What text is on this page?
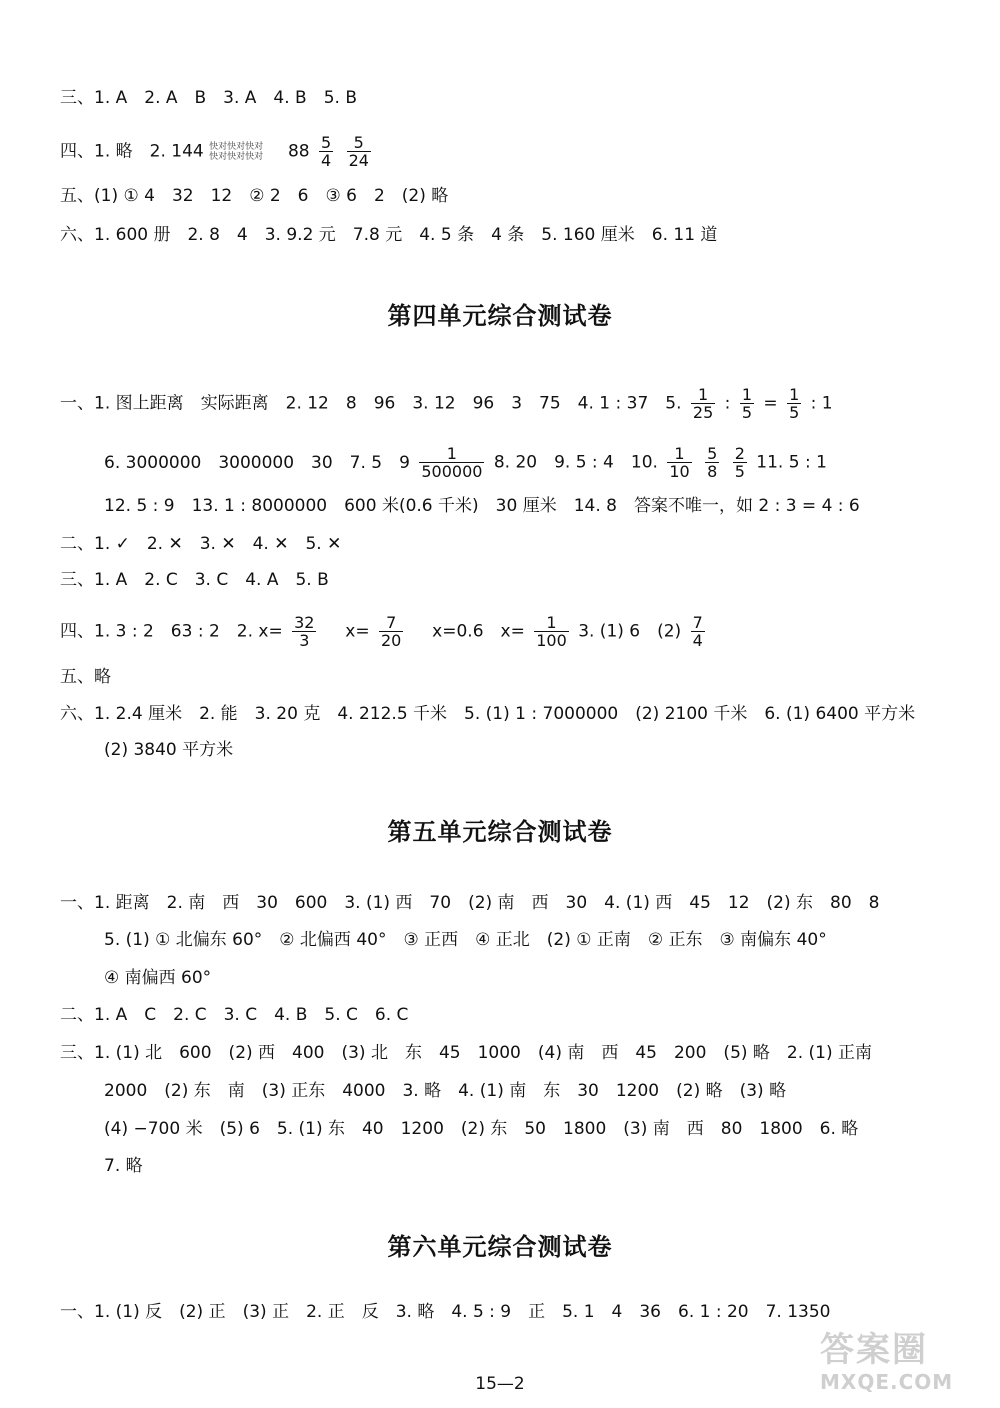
三、1. A　2. A　B　3. A　4. B　5. B
四、1. 略　2. 144 快对快对快对
快对快对快对 $88 \frac{5}{4}$
$\frac{5}{24}$
五、(1) ① 4　32　12　② 2　6　③ 6　2　(2) 略
六、1. 600 册　2. 8　4　3. 9.2 元　7.8 元　4. 5 条　4 条　5. 160 厘米　6. 11 道
第四单元综合测试卷
一、1. 图上距离　实际距离　2. 12　8　96　3. 12　96　3　75　4. 1 : 37　5. $\frac{1}{25}$ : $\frac{1}{5} = \frac{1}{5}$ : 1
6. 3000000　3000000　30　7. 5　$9 \frac{1}{500000} 8$. 20　9. 5 : 4　10. $\frac{1}{10}$
$\frac{5}{8}$
$\frac{2}{5} 11$. 5 : 1
12. 5 : 9　13. 1 : 8000000　600 米(0.6 千米)　30 厘米　14. 8　答案不唯一，如 2 : 3 = 4 : 6
二、1. ✓　2. ✕　3. ✕　4. ✕　5. ✕
三、1. A　2. C　3. C　4. A　5. B
四、1. 3 : 2　63 : 2　2. $x= \frac{32}{3} x= \frac{7}{20} x=0.6$　$x= \frac{1}{100} 3$. (1) 6　$(2) \frac{7}{4}$
五、略
六、1. 2.4 厘米　2. 能　3. 20 克　4. 212.5 千米　5. (1) 1 : 7000000　(2) 2100 千米　6. (1) 6400 平方米
(2) 3840 平方米
第五单元综合测试卷
一、1. 距离　2. 南　西　30　600　3. (1) 西　70　(2) 南　西　30　4. (1) 西　45　12　(2) 东　80　8
5. (1) ① 北偏东 60°　② 北偏西 40°　③ 正西　④ 正北　(2) ① 正南　② 正东　③ 南偏东 40°
④ 南偏西 60°
二、1. A　C　2. C　3. C　4. B　5. C　6. C
三、1. (1) 北　600　(2) 西　400　(3) 北　东　45　1000　(4) 南　西　45　200　(5) 略　2. (1) 正南
2000　(2) 东　南　(3) 正东　4000　3. 略　4. (1) 南　东　30　1200　(2) 略　(3) 略
(4) −700 米　(5) 6　5. (1) 东　40　1200　(2) 东　50　1800　(3) 南　西　80　1800　6. 略
7. 略
第六单元综合测试卷
一、1. (1) 反　(2) 正　(3) 正　2. 正　反　3. 略　4. 5 : 9　正　5. 1　4　36　6. 1 : 20　7. 1350
15—2
答案圈
MXQE.COM
